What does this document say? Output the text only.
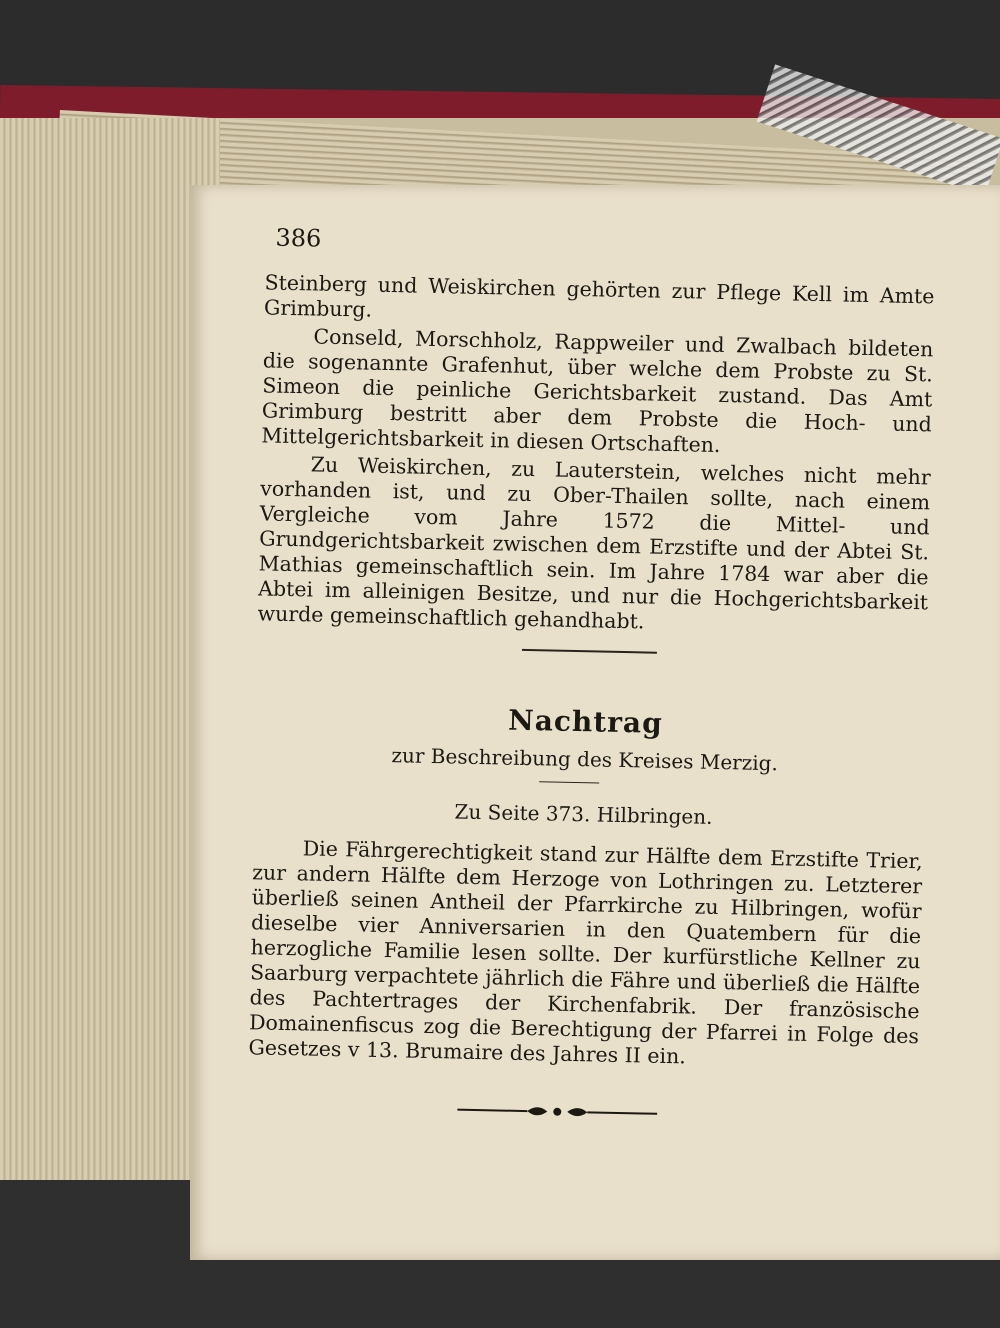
386

Steinberg und Weiskirchen gehörten zur Pflege Kell im Amte Grimburg.

Conseld, Morschholz, Rappweiler und Zwalbach bildeten die sogenannte Grafenhut, über welche dem Probste zu St. Simeon die peinliche Gerichtsbarkeit zustand. Das Amt Grimburg bestritt aber dem Probste die Hoch- und Mittelgerichtsbarkeit in diesen Ortschaften.

Zu Weiskirchen, zu Lauterstein, welches nicht mehr vorhanden ist, und zu Ober-Thailen sollte, nach einem Vergleiche vom Jahre 1572 die Mittel- und Grundgerichtsbarkeit zwischen dem Erzstifte und der Abtei St. Mathias gemeinschaftlich sein. Im Jahre 1784 war aber die Abtei im alleinigen Besitze, und nur die Hochgerichtsbarkeit wurde gemeinschaftlich gehandhabt.

Nachtrag
zur Beschreibung des Kreises Merzig.
Zu Seite 373. Hilbringen.

Die Fährgerechtigkeit stand zur Hälfte dem Erzstifte Trier, zur andern Hälfte dem Herzoge von Lothringen zu. Letzterer überließ seinen Antheil der Pfarrkirche zu Hilbringen, wofür dieselbe vier Anniversarien in den Quatembern für die herzogliche Familie lesen sollte. Der kurfürstliche Kellner zu Saarburg verpachtete jährlich die Fähre und überließ die Hälfte des Pachtertrages der Kirchenfabrik. Der französische Domainenfiscus zog die Berechtigung der Pfarrei in Folge des Gesetzes v 13. Brumaire des Jahres II ein.
